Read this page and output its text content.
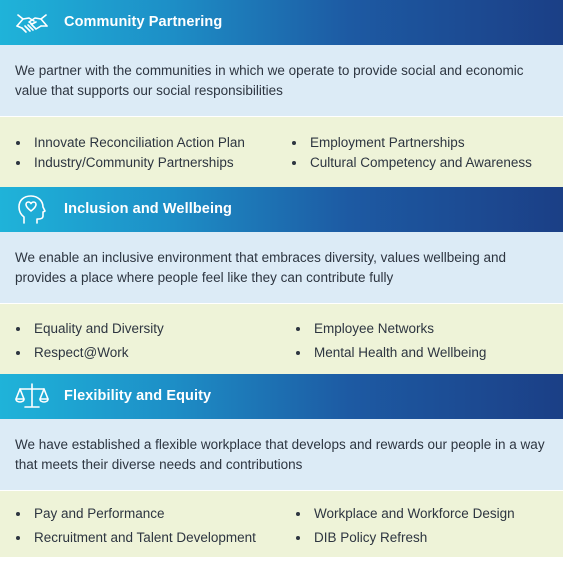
Community Partnering
We partner with the communities in which we operate to provide social and economic value that supports our social responsibilities
Innovate Reconciliation Action Plan
Industry/Community Partnerships
Employment Partnerships
Cultural Competency and Awareness
Inclusion and Wellbeing
We enable an inclusive environment that embraces diversity, values wellbeing and provides a place where people feel like they can contribute fully
Equality and Diversity
Respect@Work
Employee Networks
Mental Health and Wellbeing
Flexibility and Equity
We have established a flexible workplace that develops and rewards our people in a way that meets their diverse needs and contributions
Pay and Performance
Recruitment and Talent Development
Workplace and Workforce Design
DIB Policy Refresh
